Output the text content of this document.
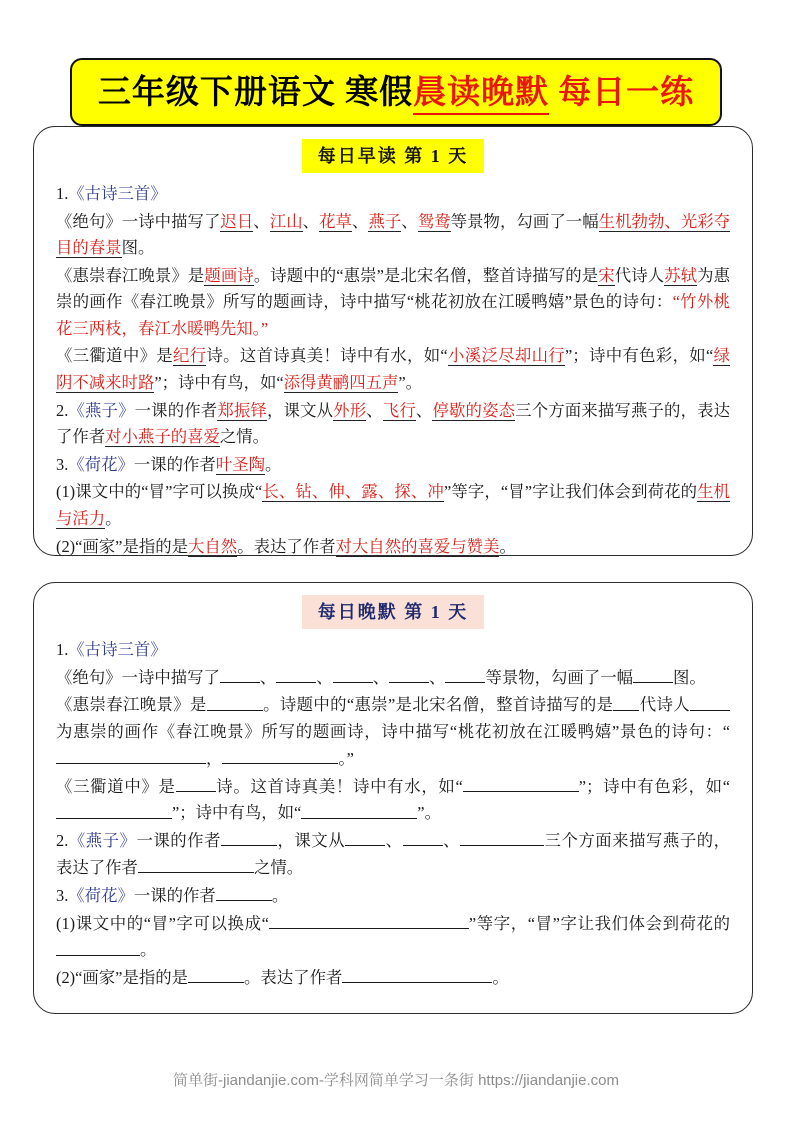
三年级下册语文 寒假 晨读晚默 每日一练
每日早读 第 1 天

1.《古诗三首》

《绝句》一诗中描写了迟日、江山、花草、燕子、鸳鸯等景物，勾画了一幅生机勃勃、光彩夺目的春景图。

《惠崇春江晚景》是题画诗。诗题中的“惠崇”是北宋名僧，整首诗描写的是宋代诗人苏轼为惠崇的画作《春江晚景》所写的题画诗，诗中描写“桃花初放在江暖鸭嬉”景色的诗句：“竹外桃花三两枝，春江水暖鸭先知。”

《三衢道中》是纪行诗。这首诗真美！诗中有水，如“小溪泛尽却山行”；诗中有色彩，如“绿阴不减来时路”；诗中有鸟，如“添得黄鹂四五声”。

2.《燕子》一课的作者郑振铎，课文从外形、飞行、停歇的姿态三个方面来描写燕子的，表达了作者对小燕子的喜爱之情。

3.《荷花》一课的作者叶圣陶。

(1)课文中的“冒”字可以换成“长、钻、伸、露、探、冲”等字，“冒”字让我们体会到荷花的生机与活力。

(2)“画家”是指的是大自然。表达了作者对大自然的喜爱与赞美。

每日晚默 第 1 天

1.《古诗三首》

《绝句》一诗中描写了 、 、 、 、 等景物，勾画了一幅 图。

《惠崇春江晚景》是	。诗题中的“惠崇”是北宋名僧，整首诗描写的是 代诗人为惠崇的画作《春江晚景》所写的题画诗，诗中描写“桃花初放在江暖鸭嬉”景色的诗句：“，	。”

《三衢道中》是 诗。这首诗真美！诗中有水，如“	”；诗中有色彩，如“”；诗中有鸟，如“	”。

2.《燕子》一课的作者	，课文从 、 、	三个方面来描写燕子的，表达了作者	之情。

3.《荷花》一课的作者	。

(1)课文中的“冒”字可以换成“	”等字，“冒”字让我们体会到荷花的。

(2)“画家”是指的是	。表达了作者	。

简单街-jiandanjie.com-学科网简单学习一条街 https://jiandanjie.com
